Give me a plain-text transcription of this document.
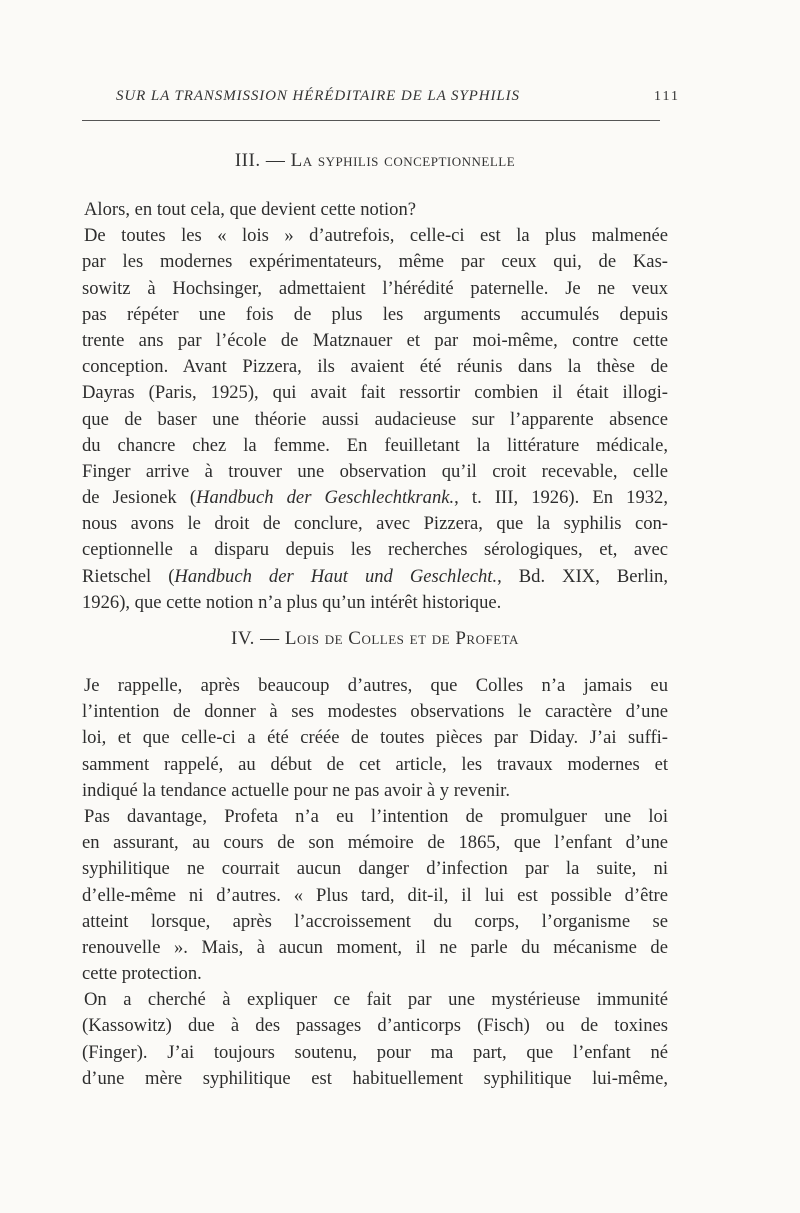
SUR LA TRANSMISSION HÉRÉDITAIRE DE LA SYPHILIS	111
III. — La syphilis conceptionnelle
Alors, en tout cela, que devient cette notion?
De toutes les « lois » d’autrefois, celle-ci est la plus malmenée
par les modernes expérimentateurs, même par ceux qui, de Kas-
sowitz à Hochsinger, admettaient l’hérédité paternelle. Je ne veux
pas répéter une fois de plus les arguments accumulés depuis
trente ans par l’école de Matznauer et par moi-même, contre cette
conception. Avant Pizzera, ils avaient été réunis dans la thèse de
Dayras (Paris, 1925), qui avait fait ressortir combien il était illogi-
que de baser une théorie aussi audacieuse sur l’apparente absence
du chancre chez la femme. En feuilletant la littérature médicale,
Finger arrive à trouver une observation qu’il croit recevable, celle
de Jesionek (Handbuch der Geschlechtkrank., t. III, 1926). En 1932,
nous avons le droit de conclure, avec Pizzera, que la syphilis con-
ceptionnelle a disparu depuis les recherches sérologiques, et, avec
Rietschel (Handbuch der Haut und Geschlecht., Bd. XIX, Berlin,
1926), que cette notion n’a plus qu’un intérêt historique.
IV. — Lois de Colles et de Profeta
Je rappelle, après beaucoup d’autres, que Colles n’a jamais eu
l’intention de donner à ses modestes observations le caractère d’une
loi, et que celle-ci a été créée de toutes pièces par Diday. J’ai suffi-
samment rappelé, au début de cet article, les travaux modernes et
indiqué la tendance actuelle pour ne pas avoir à y revenir.
Pas davantage, Profeta n’a eu l’intention de promulguer une loi
en assurant, au cours de son mémoire de 1865, que l’enfant d’une
syphilitique ne courrait aucun danger d’infection par la suite, ni
d’elle-même ni d’autres. « Plus tard, dit-il, il lui est possible d’être
atteint lorsque, après l’accroissement du corps, l’organisme se
renouvelle ». Mais, à aucun moment, il ne parle du mécanisme de
cette protection.
On a cherché à expliquer ce fait par une mystérieuse immunité
(Kassowitz) due à des passages d’anticorps (Fisch) ou de toxines
(Finger). J’ai toujours soutenu, pour ma part, que l’enfant né
d’une mère syphilitique est habituellement syphilitique lui-même,
